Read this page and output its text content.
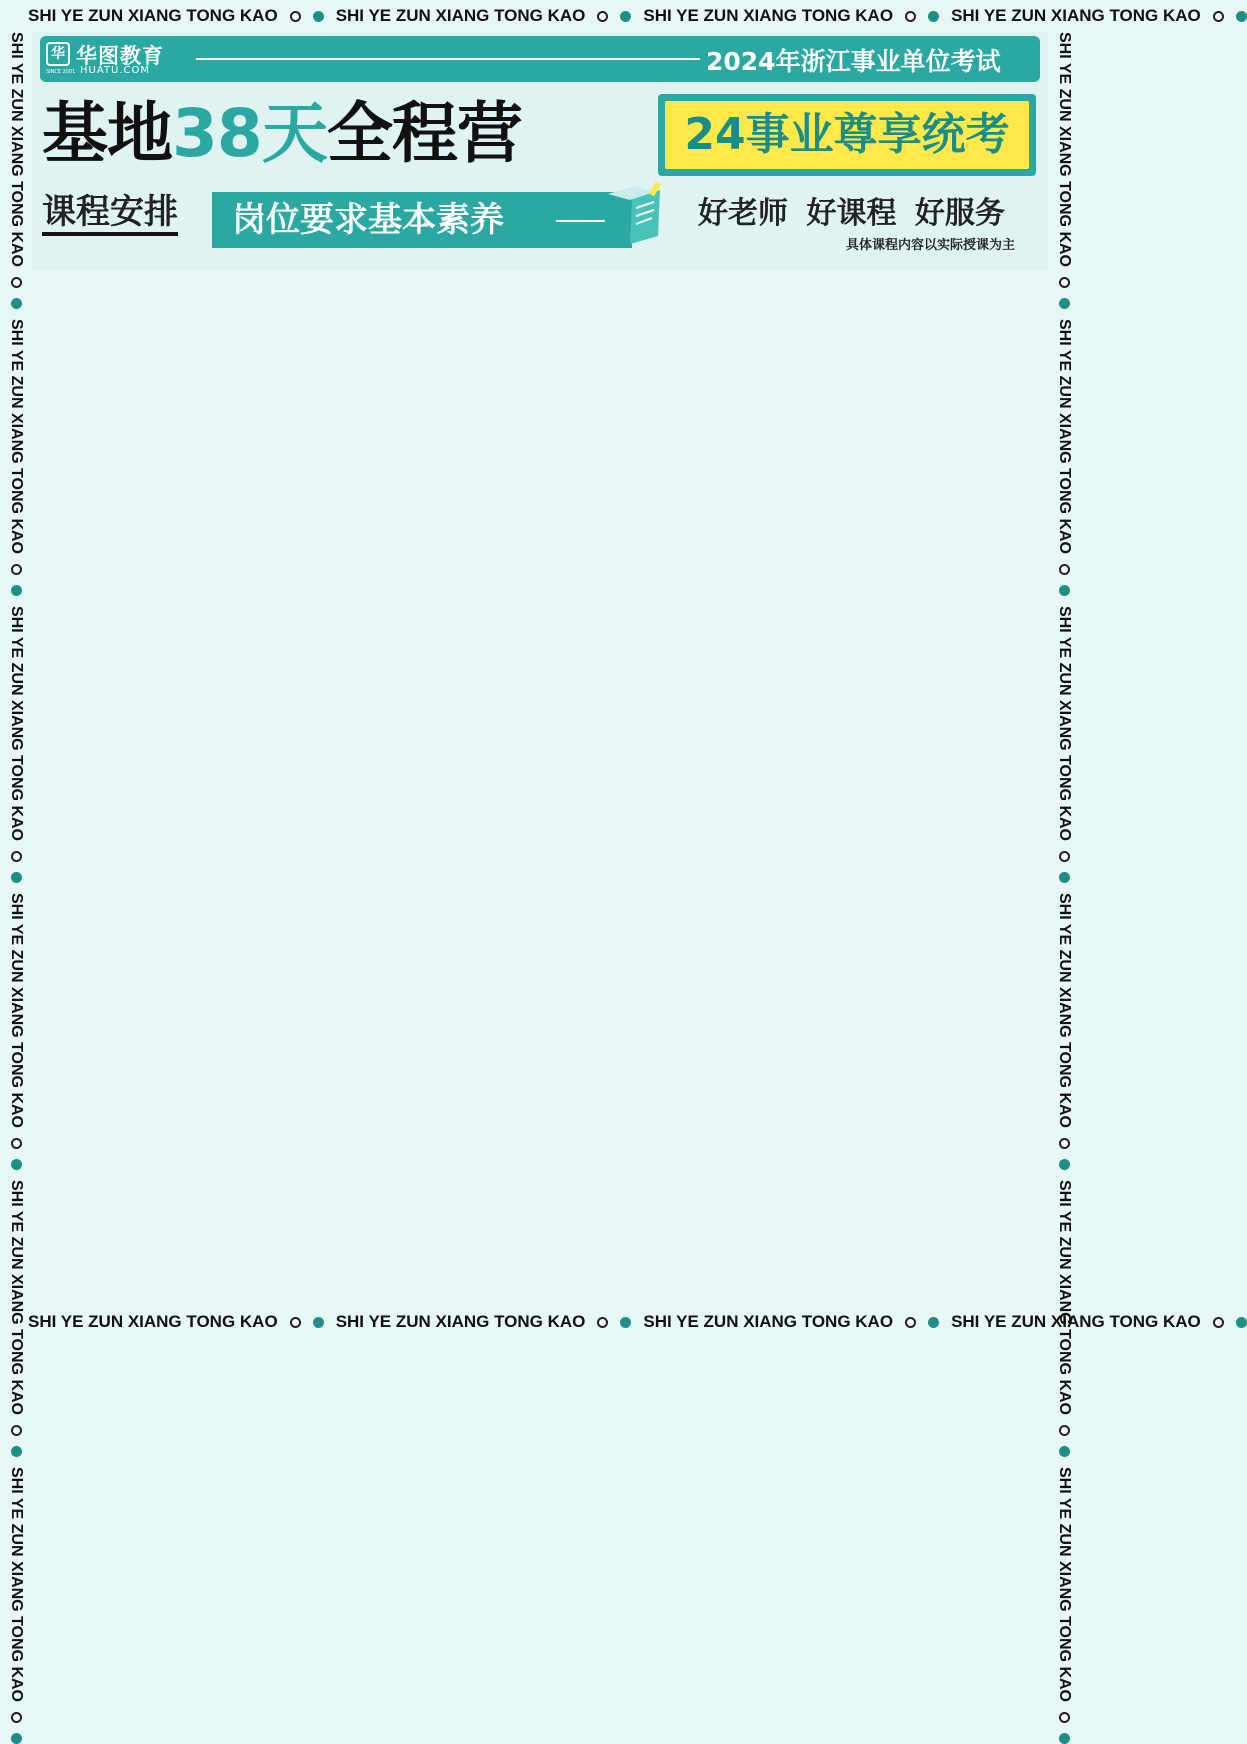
SHI YE ZUN XIANG TONG KAO	SHI YE ZUN XIANG TONG KAO	SHI YE ZUN XIANG TONG KAO	SHI YE ZUN XIANG TONG KAO
SHI YE ZUN XIANG TONG KAO	SHI YE ZUN XIANG TONG KAO	SHI YE ZUN XIANG TONG KAO	SHI YE ZUN XIANG TONG KAO
SHI YE ZUN XIANG TONG KAO
SHI YE ZUN XIANG TONG KAO
SHI YE ZUN XIANG TONG KAO
SHI YE ZUN XIANG TONG KAO
SHI YE ZUN XIANG TONG KAO
SHI YE ZUN XIANG TONG KAO
SHI YE ZUN XIANG TONG KAO
SHI YE ZUN XIANG TONG KAO
SHI YE ZUN XIANG TONG KAO
SHI YE ZUN XIANG TONG KAO
SHI YE ZUN XIANG TONG KAO
SHI YE ZUN XIANG TONG KAO
华 华图教育
HUATU.COM
SINCE 2001	2024年浙江事业单位考试
基地38天全程营	24事业尊享统考
课程安排	岗位要求基本素养	好老师 好课程 好服务
具体课程内容以实际授课为主
